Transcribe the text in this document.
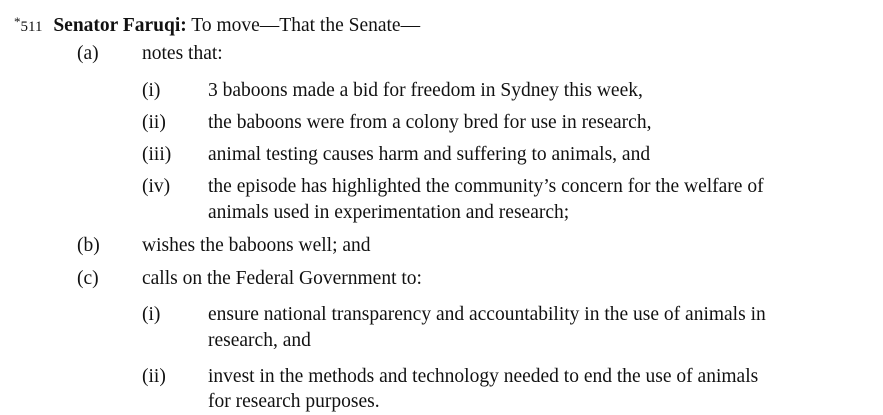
*511 Senator Faruqi: To move—That the Senate—
(a) notes that:
(i) 3 baboons made a bid for freedom in Sydney this week,
(ii) the baboons were from a colony bred for use in research,
(iii) animal testing causes harm and suffering to animals, and
(iv) the episode has highlighted the community’s concern for the welfare of
animals used in experimentation and research;
(b) wishes the baboons well; and
(c) calls on the Federal Government to:
(i) ensure national transparency and accountability in the use of animals in
research, and
(ii) invest in the methods and technology needed to end the use of animals
for research purposes.
